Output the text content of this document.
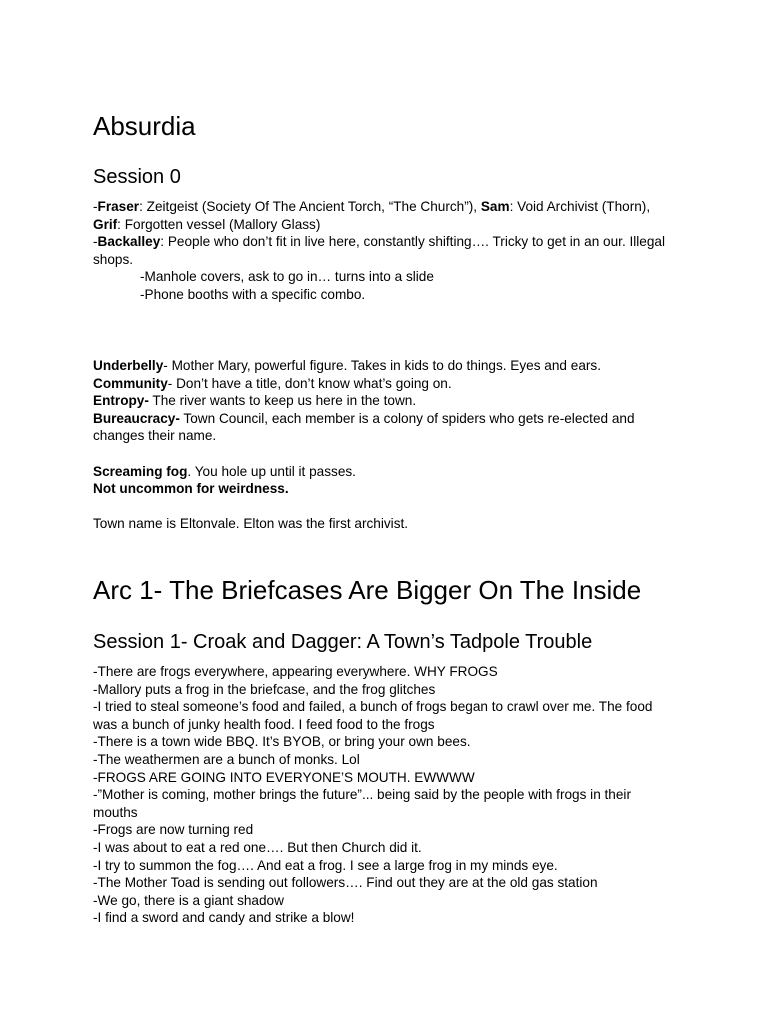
Absurdia
Session 0
-Fraser: Zeitgeist (Society Of The Ancient Torch, “The Church”), Sam: Void Archivist (Thorn), Grif: Forgotten vessel (Mallory Glass)
-Backalley: People who don’t fit in live here, constantly shifting…. Tricky to get in an our. Illegal shops.
-Manhole covers, ask to go in… turns into a slide
-Phone booths with a specific combo.
Underbelly- Mother Mary, powerful figure. Takes in kids to do things. Eyes and ears.
Community- Don’t have a title, don’t know what’s going on.
Entropy- The river wants to keep us here in the town.
Bureaucracy- Town Council, each member is a colony of spiders who gets re-elected and changes their name.
Screaming fog. You hole up until it passes.
Not uncommon for weirdness.
Town name is Eltonvale. Elton was the first archivist.
Arc 1- The Briefcases Are Bigger On The Inside
Session 1- Croak and Dagger: A Town’s Tadpole Trouble
-There are frogs everywhere, appearing everywhere. WHY FROGS
-Mallory puts a frog in the briefcase, and the frog glitches
-I tried to steal someone’s food and failed, a bunch of frogs began to crawl over me. The food was a bunch of junky health food. I feed food to the frogs
-There is a town wide BBQ. It’s BYOB, or bring your own bees.
-The weathermen are a bunch of monks. Lol
-FROGS ARE GOING INTO EVERYONE’S MOUTH. EWWWW
-”Mother is coming, mother brings the future”... being said by the people with frogs in their mouths
-Frogs are now turning red
-I was about to eat a red one…. But then Church did it.
-I try to summon the fog…. And eat a frog. I see a large frog in my minds eye.
-The Mother Toad is sending out followers…. Find out they are at the old gas station
-We go, there is a giant shadow
-I find a sword and candy and strike a blow!
